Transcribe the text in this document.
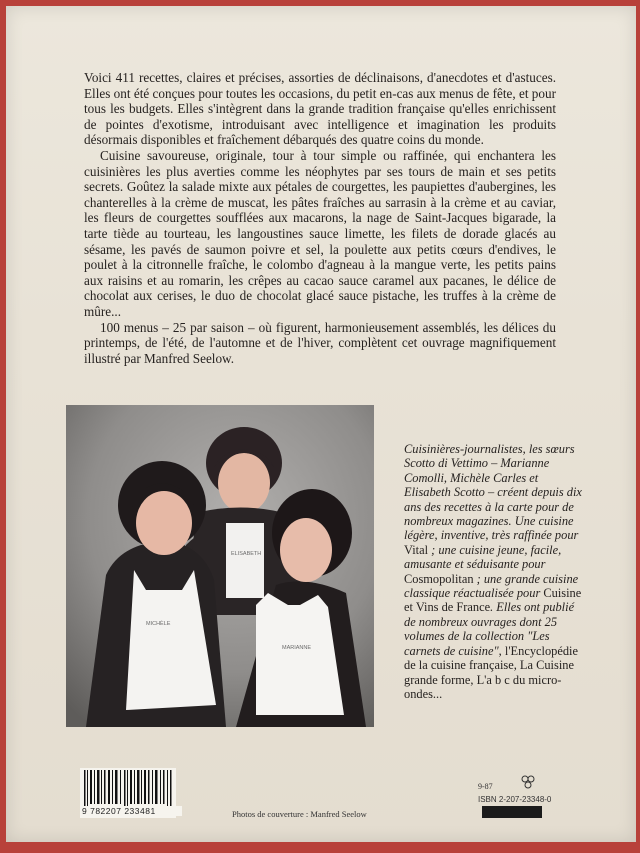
Voici 411 recettes, claires et précises, assorties de déclinaisons, d'anecdotes et d'astuces. Elles ont été conçues pour toutes les occasions, du petit en-cas aux menus de fête, et pour tous les budgets. Elles s'intègrent dans la grande tradition française qu'elles enrichissent de pointes d'exotisme, introduisant avec intelligence et imagination les produits désormais disponibles et fraîchement débarqués des quatre coins du monde.

Cuisine savoureuse, originale, tour à tour simple ou raffinée, qui enchantera les cuisinières les plus averties comme les néophytes par ses tours de main et ses petits secrets. Goûtez la salade mixte aux pétales de courgettes, les paupiettes d'aubergines, les chanterelles à la crème de muscat, les pâtes fraîches au sarrasin à la crème et au caviar, les fleurs de courgettes soufflées aux macarons, la nage de Saint-Jacques bigarade, la tarte tiède au tourteau, les langoustines sauce limette, les filets de dorade glacés au sésame, les pavés de saumon poivre et sel, la poulette aux petits cœurs d'endives, le poulet à la citronnelle fraîche, le colombo d'agneau à la mangue verte, les petits pains aux raisins et au romarin, les crêpes au cacao sauce caramel aux pacanes, le délice de chocolat aux cerises, le duo de chocolat glacé sauce pistache, les truffes à la crème de mûre...

100 menus – 25 par saison – où figurent, harmonieusement assemblés, les délices du printemps, de l'été, de l'automne et de l'hiver, complètent cet ouvrage magnifiquement illustré par Manfred Seelow.

ELISABETH
MICHÈLE
MARIANNE
Cuisinières-journalistes, les sœurs Scotto di Vettimo – Marianne Comolli, Michèle Carles et Elisabeth Scotto – créent depuis dix ans des recettes à la carte pour de nombreux magazines. Une cuisine légère, inventive, très raffinée pour Vital ; une cuisine jeune, facile, amusante et séduisante pour Cosmopolitan ; une grande cuisine classique réactualisée pour Cuisine et Vins de France. Elles ont publié de nombreux ouvrages dont 25 volumes de la collection "Les carnets de cuisine", l'Encyclopédie de la cuisine française, La Cuisine grande forme, L'a b c du micro-ondes...
9 782207 233481	Photos de couverture : Manfred Seelow
9-87
ISBN 2-207-23348-0
